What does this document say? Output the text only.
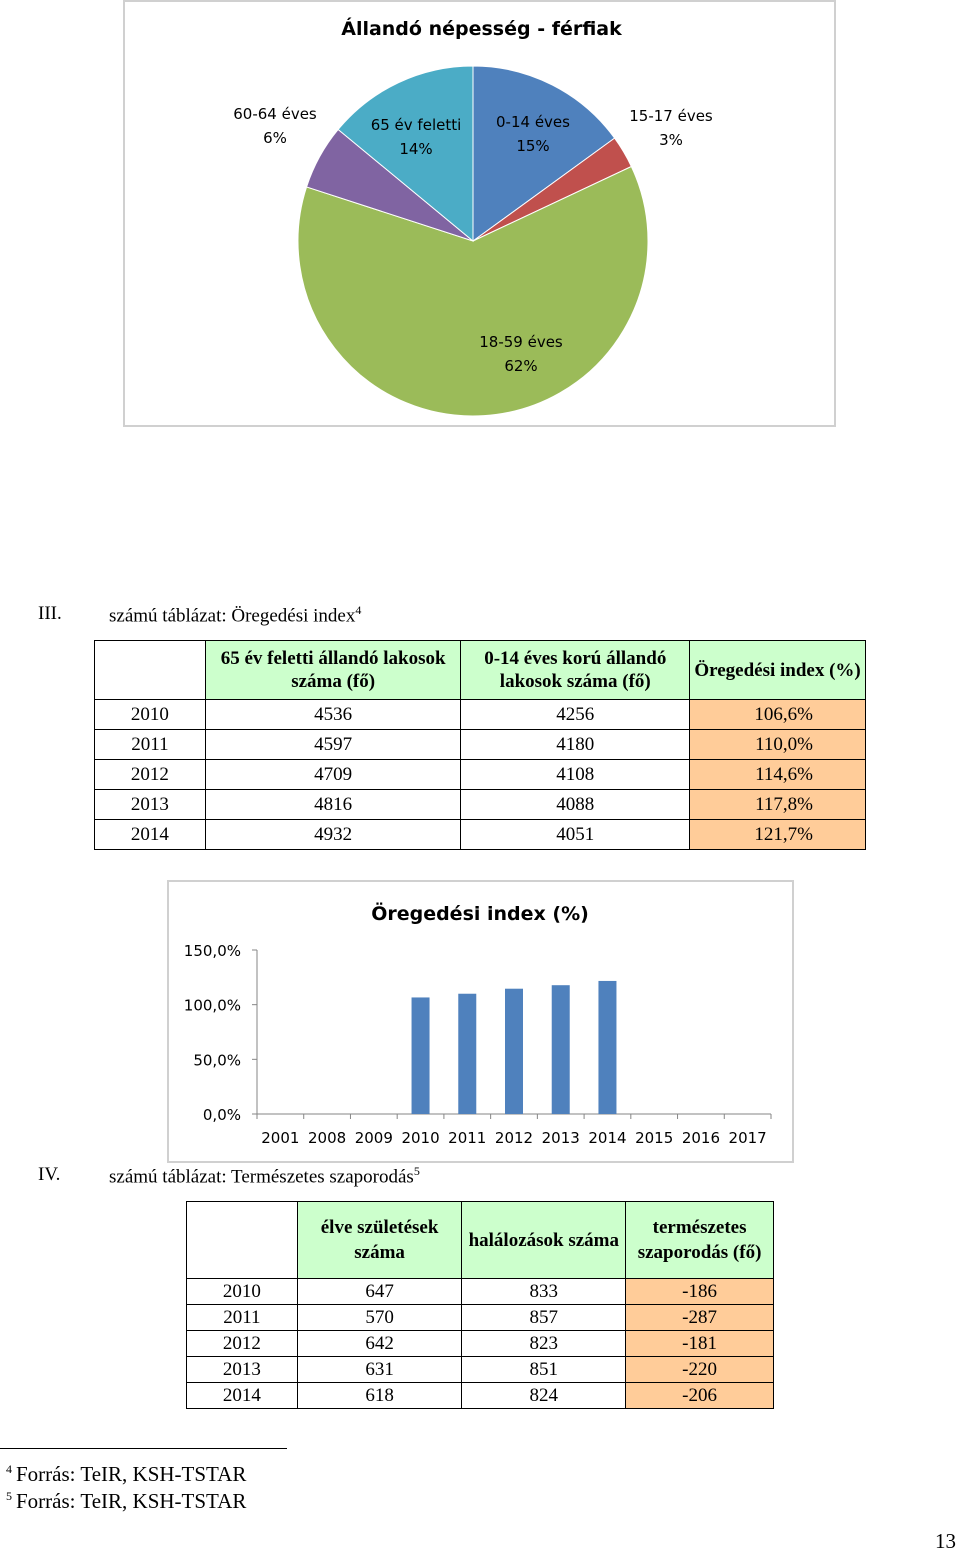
Állandó népesség - férfiak
0-14 éves
15%
15-17 éves
3%
18-59 éves
62%
60-64 éves
6%
65 év feletti
14%
III. számú táblázat: Öregedési index$^4$
	65 év feletti állandó lakosok száma (fő)	0-14 éves korú állandó lakosok száma (fő)	Öregedési index (%)
2010	4536	4256	106,6%
2011	4597	4180	110,0%
2012	4709	4108	114,6%
2013	4816	4088	117,8%
2014	4932	4051	121,7%
Öregedési index (%)
0,0%
50,0%
100,0%
150,0%
2001 2008 2009 2010 2011 2012 2013 2014 2015 2016 2017
IV.	számú táblázat: Természetes szaporodás$^5$
	élve születések száma	halálozások száma	természetes szaporodás (fő)
2010	647	833	-186
2011	570	857	-287
2012	642	823	-181
2013	631	851	-220
2014	618	824	-206
$^4$ Forrás: TeIR, KSH-TSTAR
$^5$ Forrás: TeIR, KSH-TSTAR
13
